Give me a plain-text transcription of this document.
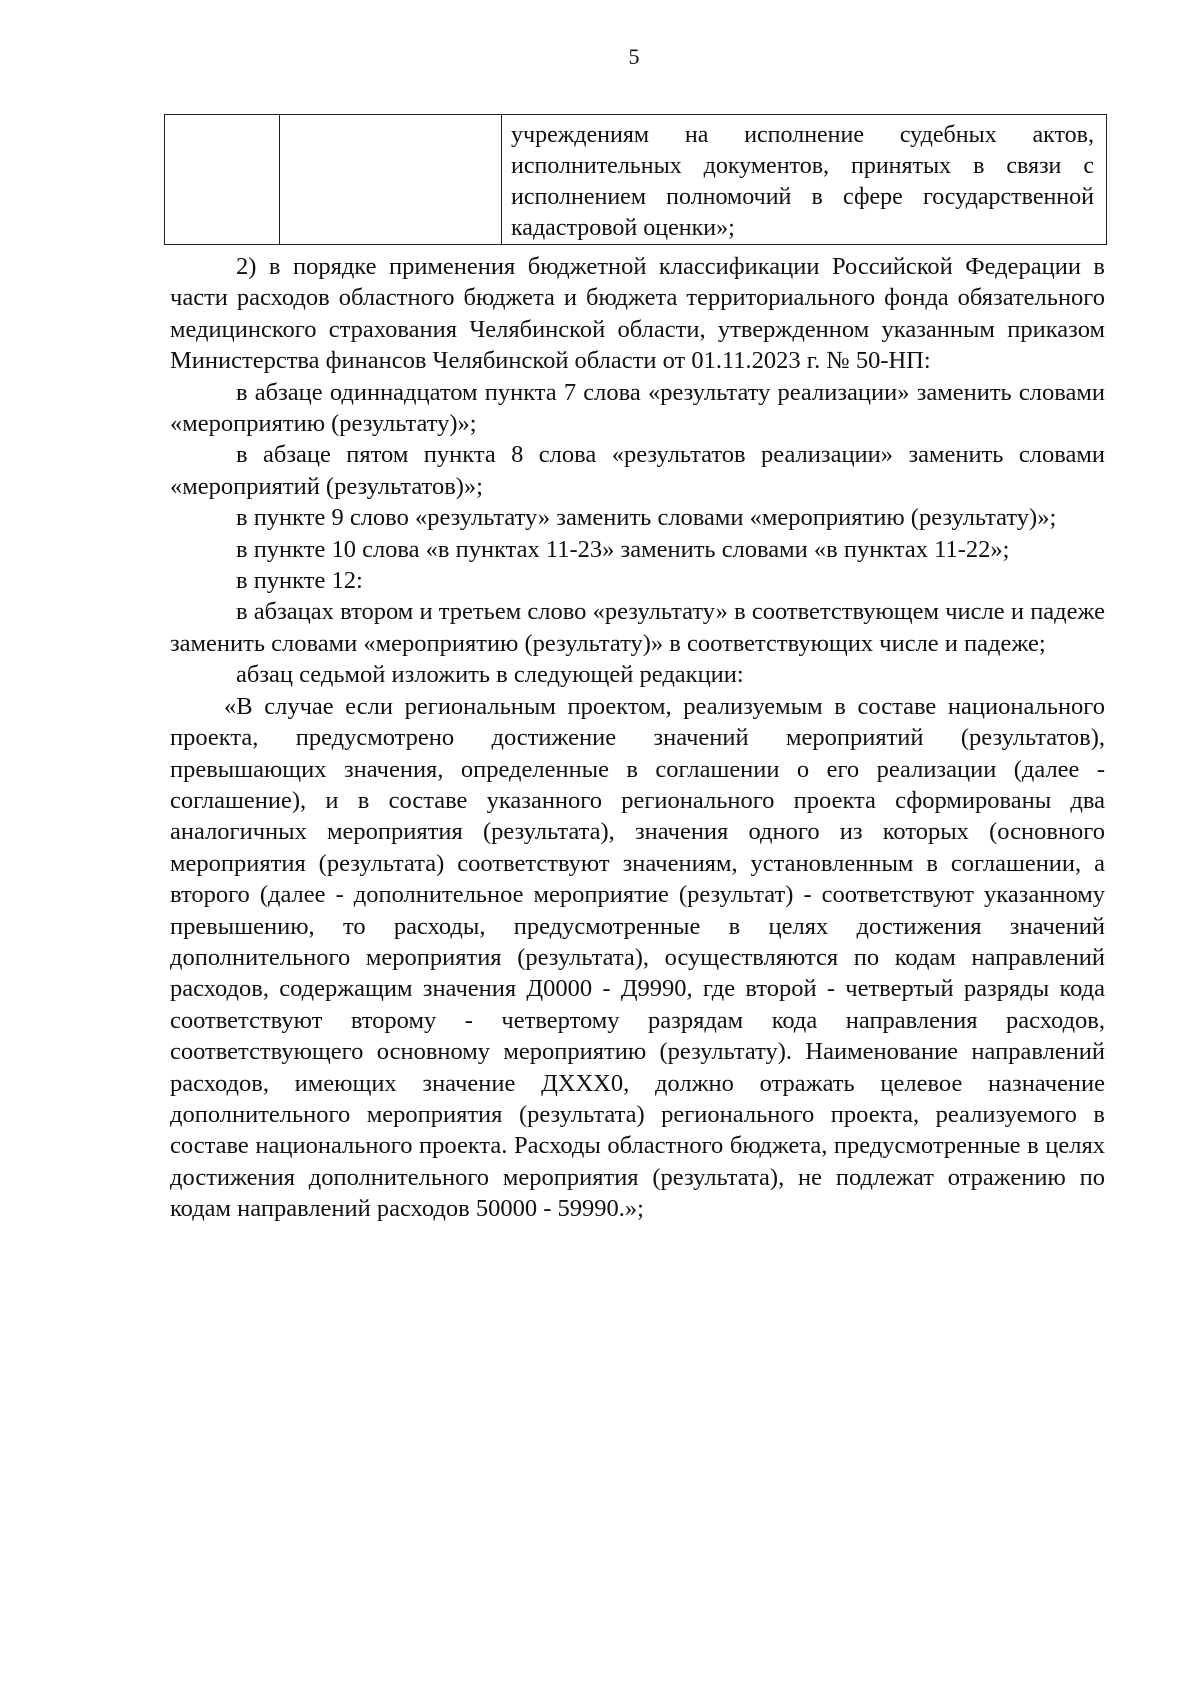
5
		учреждениям на исполнение судебных актов, исполнительных документов, принятых в связи с исполнением полномочий в сфере государственной кадастровой оценки»;

2) в порядке применения бюджетной классификации Российской Федерации в части расходов областного бюджета и бюджета территориального фонда обязательного медицинского страхования Челябинской области, утвержденном указанным приказом Министерства финансов Челябинской области от 01.11.2023 г. № 50-НП:

в абзаце одиннадцатом пункта 7 слова «результату реализации» заменить словами «мероприятию (результату)»;

в абзаце пятом пункта 8 слова «результатов реализации» заменить словами «мероприятий (результатов)»;

в пункте 9 слово «результату» заменить словами «мероприятию (результату)»;

в пункте 10 слова «в пунктах 11-23» заменить словами «в пунктах 11-22»;

в пункте 12:

в абзацах втором и третьем слово «результату» в соответствующем числе и падеже заменить словами «мероприятию (результату)» в соответствующих числе и падеже;

абзац седьмой изложить в следующей редакции:

«В случае если региональным проектом, реализуемым в составе национального проекта, предусмотрено достижение значений мероприятий (результатов), превышающих значения, определенные в соглашении о его реализации (далее - соглашение), и в составе указанного регионального проекта сформированы два аналогичных мероприятия (результата), значения одного из которых (основного мероприятия (результата) соответствуют значениям, установленным в соглашении, а второго (далее - дополнительное мероприятие (результат) - соответствуют указанному превышению, то расходы, предусмотренные в целях достижения значений дополнительного мероприятия (результата), осуществляются по кодам направлений расходов, содержащим значения Д0000 - Д9990, где второй - четвертый разряды кода соответствуют второму - четвертому разрядам кода направления расходов, соответствующего основному мероприятию (результату). Наименование направлений расходов, имеющих значение ДХХХ0, должно отражать целевое назначение дополнительного мероприятия (результата) регионального проекта, реализуемого в составе национального проекта. Расходы областного бюджета, предусмотренные в целях достижения дополнительного мероприятия (результата), не подлежат отражению по кодам направлений расходов 50000 - 59990.»;
